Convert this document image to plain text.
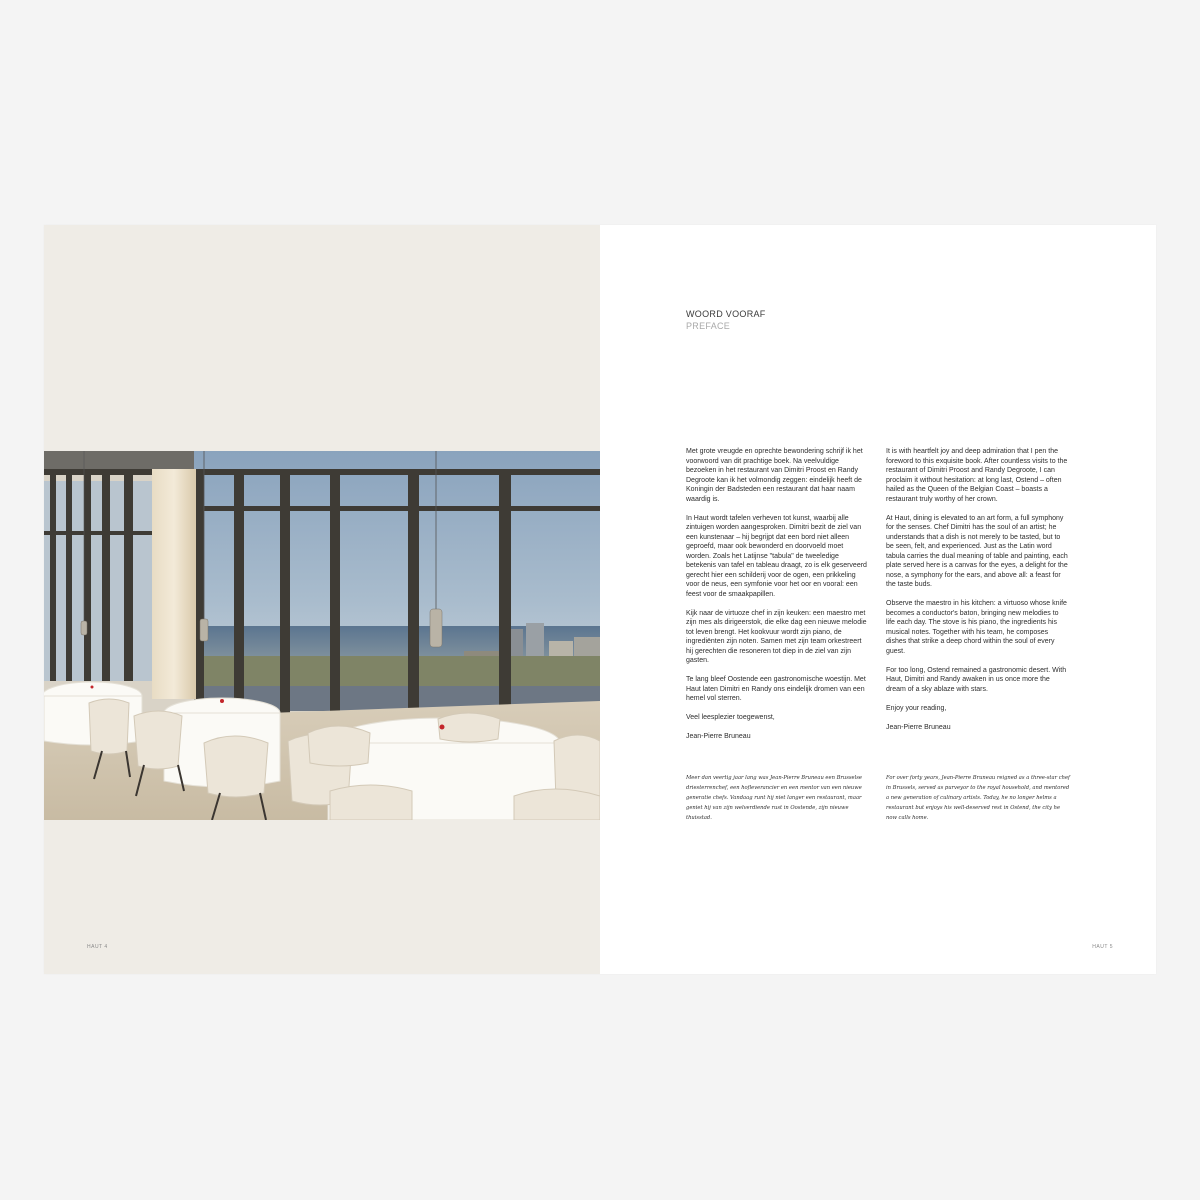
HAUT 4
WOORD VOORAF
PREFACE

Met grote vreugde en oprechte bewondering schrijf ik het voorwoord van dit prachtige boek. Na veelvuldige bezoeken in het restaurant van Dimitri Proost en Randy Degroote kan ik het volmondig zeggen: eindelijk heeft de Koningin der Badsteden een restaurant dat haar naam waardig is.

In Haut wordt tafelen verheven tot kunst, waarbij alle zintuigen worden aangesproken. Dimitri bezit de ziel van een kunstenaar – hij begrijpt dat een bord niet alleen geproefd, maar ook bewonderd en doorvoeld moet worden. Zoals het Latijnse "tabula" de tweeledige betekenis van tafel en tableau draagt, zo is elk geserveerd gerecht hier een schilderij voor de ogen, een prikkeling voor de neus, een symfonie voor het oor en vooral: een feest voor de smaakpapillen.

Kijk naar de virtuoze chef in zijn keuken: een maestro met zijn mes als dirigeerstok, die elke dag een nieuwe melodie tot leven brengt. Het kookvuur wordt zijn piano, de ingrediënten zijn noten. Samen met zijn team orkestreert hij gerechten die resoneren tot diep in de ziel van zijn gasten.

Te lang bleef Oostende een gastronomische woestijn. Met Haut laten Dimitri en Randy ons eindelijk dromen van een hemel vol sterren.

Veel leesplezier toegewenst,

Jean-Pierre Bruneau

It is with heartfelt joy and deep admiration that I pen the foreword to this exquisite book. After countless visits to the restaurant of Dimitri Proost and Randy Degroote, I can proclaim it without hesitation: at long last, Ostend – often hailed as the Queen of the Belgian Coast – boasts a restaurant truly worthy of her crown.

At Haut, dining is elevated to an art form, a full symphony for the senses. Chef Dimitri has the soul of an artist; he understands that a dish is not merely to be tasted, but to be seen, felt, and experienced. Just as the Latin word tabula carries the dual meaning of table and painting, each plate served here is a canvas for the eyes, a delight for the nose, a symphony for the ears, and above all: a feast for the taste buds.

Observe the maestro in his kitchen: a virtuoso whose knife becomes a conductor's baton, bringing new melodies to life each day. The stove is his piano, the ingredients his musical notes. Together with his team, he composes dishes that strike a deep chord within the soul of every guest.

For too long, Ostend remained a gastronomic desert. With Haut, Dimitri and Randy awaken in us once more the dream of a sky ablaze with stars.

Enjoy your reading,

Jean-Pierre Bruneau

Meer dan veertig jaar lang was Jean-Pierre Bruneau een Brusselse driesterrenchef, een hofleverancier en een mentor van een nieuwe generatie chefs. Vandaag runt hij niet langer een restaurant, maar geniet hij van zijn welverdiende rust in Oostende, zijn nieuwe thuisstad.
For over forty years, Jean-Pierre Bruneau reigned as a three-star chef in Brussels, served as purveyor to the royal household, and mentored a new generation of culinary artists. Today, he no longer helms a restaurant but enjoys his well-deserved rest in Ostend, the city he now calls home.
HAUT 5
